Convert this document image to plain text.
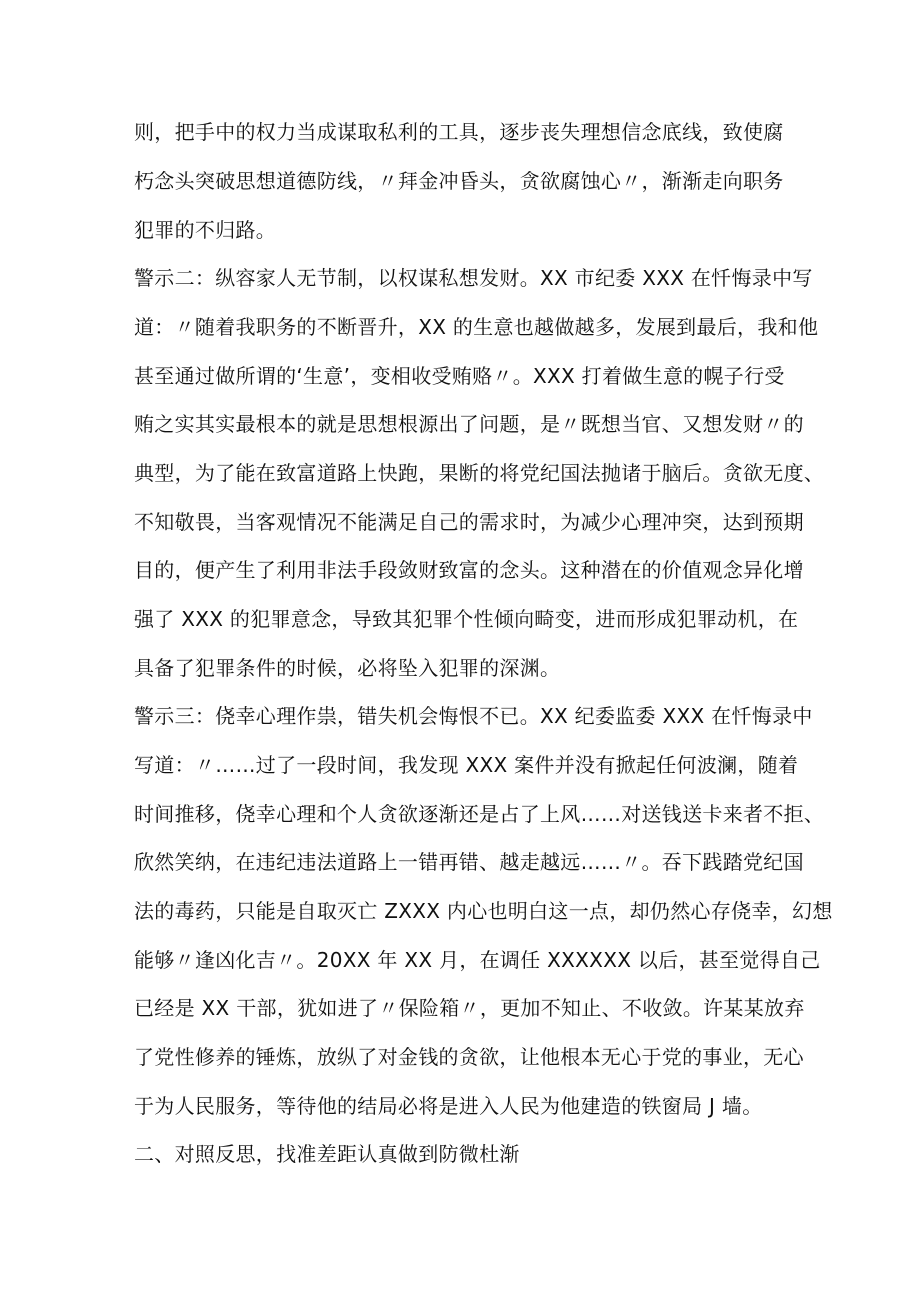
则，把手中的权力当成谋取私利的工具，逐步丧失理想信念底线，致使腐
朽念头突破思想道德防线，〃拜金冲昏头，贪欲腐蚀心〃，渐渐走向职务
犯罪的不归路。
警示二：纵容家人无节制，以权谋私想发财。XX 市纪委 XXX 在忏悔录中写
道：〃随着我职务的不断晋升，XX 的生意也越做越多，发展到最后，我和他
甚至通过做所谓的‘生意’，变相收受贿赂〃。XXX 打着做生意的幌子行受
贿之实其实最根本的就是思想根源出了问题，是〃既想当官、又想发财〃的
典型，为了能在致富道路上快跑，果断的将党纪国法抛诸于脑后。贪欲无度、
不知敬畏，当客观情况不能满足自己的需求时，为减少心理冲突，达到预期
目的，便产生了利用非法手段敛财致富的念头。这种潜在的价值观念异化增
强了 XXX 的犯罪意念，导致其犯罪个性倾向畸变，进而形成犯罪动机，在
具备了犯罪条件的时候，必将坠入犯罪的深渊。
警示三：侥幸心理作祟，错失机会悔恨不已。XX 纪委监委 XXX 在忏悔录中
写道：〃……过了一段时间，我发现 XXX 案件并没有掀起任何波澜，随着
时间推移，侥幸心理和个人贪欲逐渐还是占了上风……对送钱送卡来者不拒、
欣然笑纳，在违纪违法道路上一错再错、越走越远……〃。吞下践踏党纪国
法的毒药，只能是自取灭亡 ZXXX 内心也明白这一点，却仍然心存侥幸，幻想
能够〃逢凶化吉〃。20XX 年 XX 月，在调任 XXXXXX 以后，甚至觉得自己
已经是 XX 干部，犹如进了〃保险箱〃，更加不知止、不收敛。许某某放弃
了党性修养的锤炼，放纵了对金钱的贪欲，让他根本无心于党的事业，无心
于为人民服务，等待他的结局必将是进入人民为他建造的铁窗局 J 墙。
二、对照反思，找准差距认真做到防微杜渐
